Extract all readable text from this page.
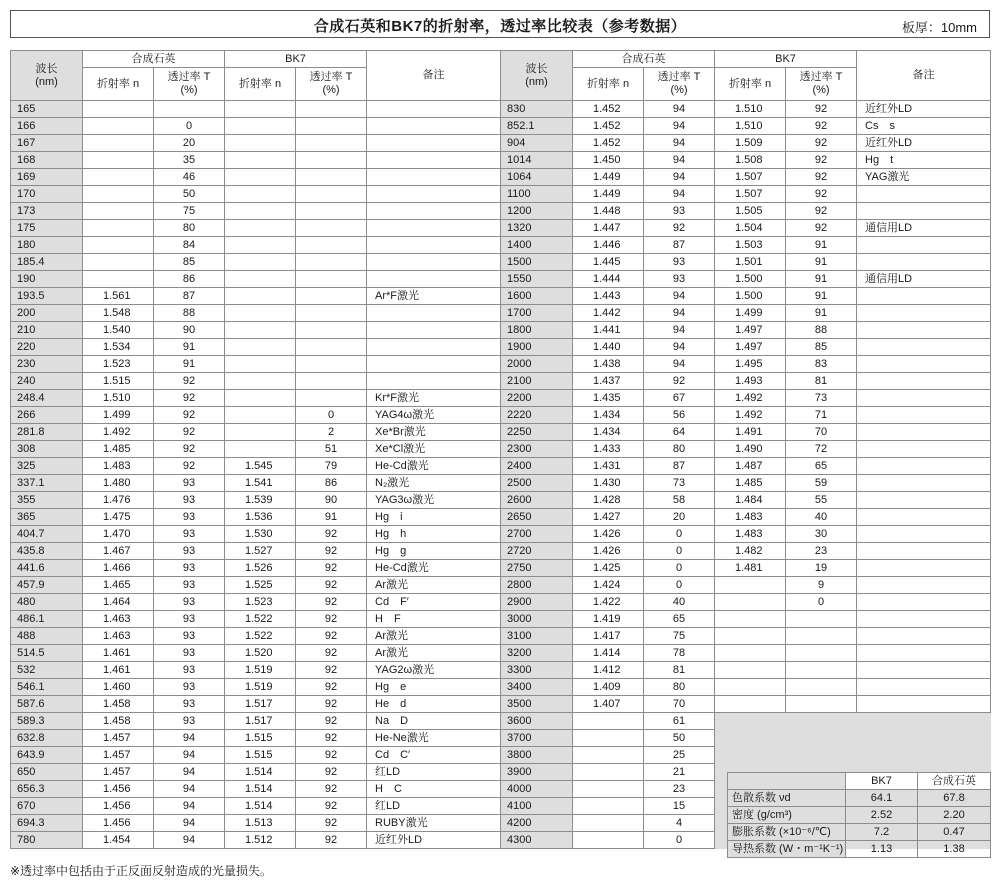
合成石英和BK7的折射率，透过率比较表（参考数据）	板厚：10mm
波长
(nm)	合成石英		BK7		备注
	折射率 n	透过率 T
(%)	折射率 n	透过率 T
(%)	
165					
166		0			
167		20			
168		35			
169		46			
170		50			
173		75			
175		80			
180		84			
185.4		85			
190		86			
193.5	1.561	87			Ar*F激光
200	1.548	88			
210	1.540	90			
220	1.534	91			
230	1.523	91			
240	1.515	92			
248.4	1.510	92			Kr*F激光
266	1.499	92		0	YAG4ω激光
281.8	1.492	92		2	Xe*Br激光
308	1.485	92		51	Xe*Cl激光
325	1.483	92	1.545	79	He-Cd激光
337.1	1.480	93	1.541	86	N₂激光
355	1.476	93	1.539	90	YAG3ω激光
365	1.475	93	1.536	91	Hg　i
404.7	1.470	93	1.530	92	Hg　h
435.8	1.467	93	1.527	92	Hg　g
441.6	1.466	93	1.526	92	He-Cd激光
457.9	1.465	93	1.525	92	Ar激光
480	1.464	93	1.523	92	Cd　F′
486.1	1.463	93	1.522	92	H　F
488	1.463	93	1.522	92	Ar激光
514.5	1.461	93	1.520	92	Ar激光
532	1.461	93	1.519	92	YAG2ω激光
546.1	1.460	93	1.519	92	Hg　e
587.6	1.458	93	1.517	92	He　d
589.3	1.458	93	1.517	92	Na　D
632.8	1.457	94	1.515	92	He-Ne激光
643.9	1.457	94	1.515	92	Cd　C′
650	1.457	94	1.514	92	红LD
656.3	1.456	94	1.514	92	H　C
670	1.456	94	1.514	92	红LD
694.3	1.456	94	1.513	92	RUBY激光
780	1.454	94	1.512	92	近红外LD
波长
(nm)	合成石英		BK7		备注
	折射率 n	透过率 T
(%)	折射率 n	透过率 T
(%)	
830	1.452	94	1.510	92	近红外LD
852.1	1.452	94	1.510	92	Cs　s
904	1.452	94	1.509	92	近红外LD
1014	1.450	94	1.508	92	Hg　t
1064	1.449	94	1.507	92	YAG激光
1100	1.449	94	1.507	92	
1200	1.448	93	1.505	92	
1320	1.447	92	1.504	92	通信用LD
1400	1.446	87	1.503	91	
1500	1.445	93	1.501	91	
1550	1.444	93	1.500	91	通信用LD
1600	1.443	94	1.500	91	
1700	1.442	94	1.499	91	
1800	1.441	94	1.497	88	
1900	1.440	94	1.497	85	
2000	1.438	94	1.495	83	
2100	1.437	92	1.493	81	
2200	1.435	67	1.492	73	
2220	1.434	56	1.492	71	
2250	1.434	64	1.491	70	
2300	1.433	80	1.490	72	
2400	1.431	87	1.487	65	
2500	1.430	73	1.485	59	
2600	1.428	58	1.484	55	
2650	1.427	20	1.483	40	
2700	1.426	0	1.483	30	
2720	1.426	0	1.482	23	
2750	1.425	0	1.481	19	
2800	1.424	0		9	
2900	1.422	40		0	
3000	1.419	65			
3100	1.417	75			
3200	1.414	78			
3300	1.412	81			
3400	1.409	80			
3500	1.407	70			
3600		61			
3700		50			
3800		25			
3900		21			
4000		23			
4100		15			
4200		4			
4300		0			

	BK7	合成石英
色散系数 νd	64.1	67.8
密度 (g/cm³)	2.52	2.20
膨胀系数 (×10⁻⁶/℃)	7.2	0.47
导热系数 (W・m⁻¹K⁻¹)	1.13	1.38
※透过率中包括由于正反面反射造成的光量损失。
